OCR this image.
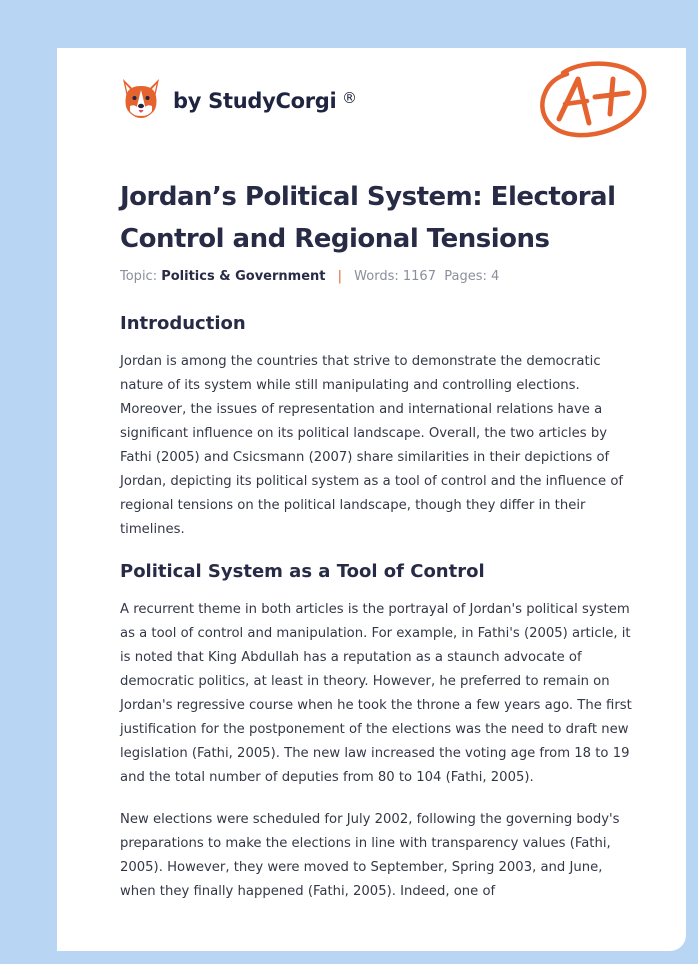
by StudyCorgi ®
Jordan’s Political System: Electoral Control and Regional Tensions
Topic: Politics & Government | Words: 1167 Pages: 4
Introduction

Jordan is among the countries that strive to demonstrate the democratic nature of its system while still manipulating and controlling elections. Moreover, the issues of representation and international relations have a significant influence on its political landscape. Overall, the two articles by Fathi (2005) and Csicsmann (2007) share similarities in their depictions of Jordan, depicting its political system as a tool of control and the influence of regional tensions on the political landscape, though they differ in their timelines.

Political System as a Tool of Control

A recurrent theme in both articles is the portrayal of Jordan's political system as a tool of control and manipulation. For example, in Fathi's (2005) article, it is noted that King Abdullah has a reputation as a staunch advocate of democratic politics, at least in theory. However, he preferred to remain on Jordan's regressive course when he took the throne a few years ago. The first justification for the postponement of the elections was the need to draft new legislation (Fathi, 2005). The new law increased the voting age from 18 to 19 and the total number of deputies from 80 to 104 (Fathi, 2005).

New elections were scheduled for July 2002, following the governing body's preparations to make the elections in line with transparency values (Fathi, 2005). However, they were moved to September, Spring 2003, and June, when they finally happened (Fathi, 2005). Indeed, one of
